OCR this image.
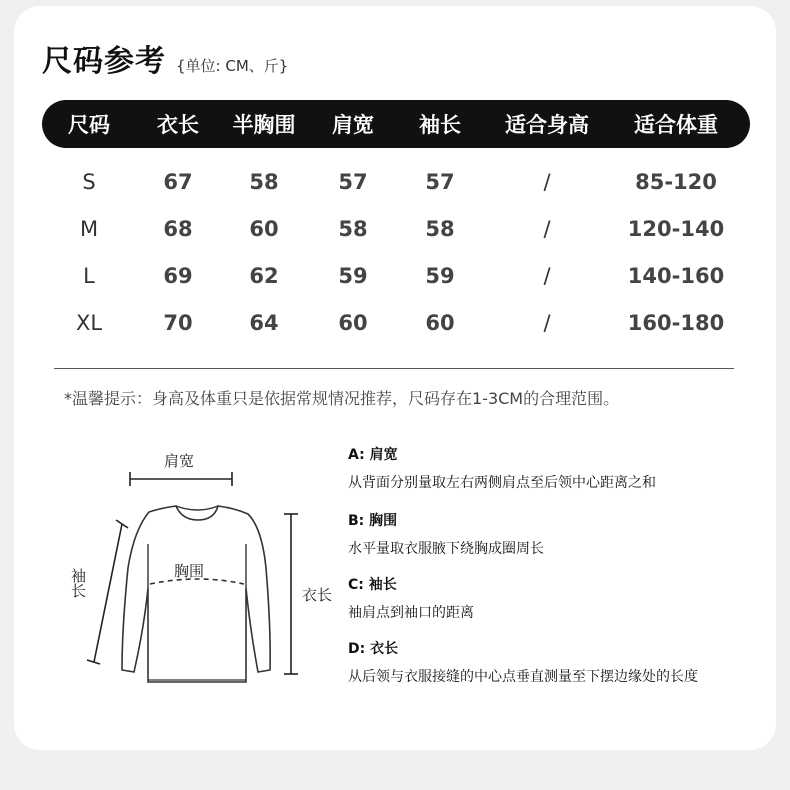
尺码参考 {单位: CM、斤}
尺码 衣长 半胸围 肩宽 袖长 适合身高 适合体重
S	67	58	57	57	/	85-120
M	68	60	58	58	/	120-140
L	69	62	59	59	/	140-160
XL	70	64	60	60	/	160-180
*温馨提示：身高及体重只是依据常规情况推荐，尺码存在1-3CM的合理范围。
肩宽
胸围
袖长	衣长
A: 肩宽
从背面分别量取左右两侧肩点至后领中心距离之和
B: 胸围
水平量取衣服腋下绕胸成圈周长
C: 袖长
袖肩点到袖口的距离
D: 衣长
从后领与衣服接缝的中心点垂直测量至下摆边缘处的长度
